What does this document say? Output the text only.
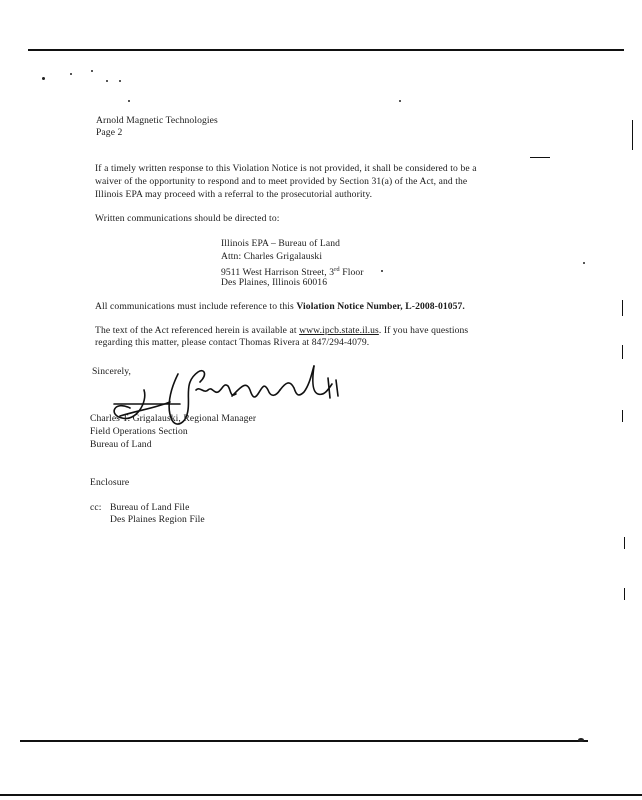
Arnold Magnetic Technologies
Page 2
If a timely written response to this Violation Notice is not provided, it shall be considered to be a
waiver of the opportunity to respond and to meet provided by Section 31(a) of the Act, and the
Illinois EPA may proceed with a referral to the prosecutorial authority.
Written communications should be directed to:
Illinois EPA – Bureau of Land
Attn: Charles Grigalauski
9511 West Harrison Street, 3rd Floor
Des Plaines, Illinois 60016
All communications must include reference to this Violation Notice Number, L-2008-01057.
The text of the Act referenced herein is available at www.ipcb.state.il.us. If you have questions
regarding this matter, please contact Thomas Rivera at 847/294-4079.
Sincerely,
Charles T. Grigalauski, Regional Manager
Field Operations Section
Bureau of Land
Enclosure
cc: Bureau of Land File
Des Plaines Region File
